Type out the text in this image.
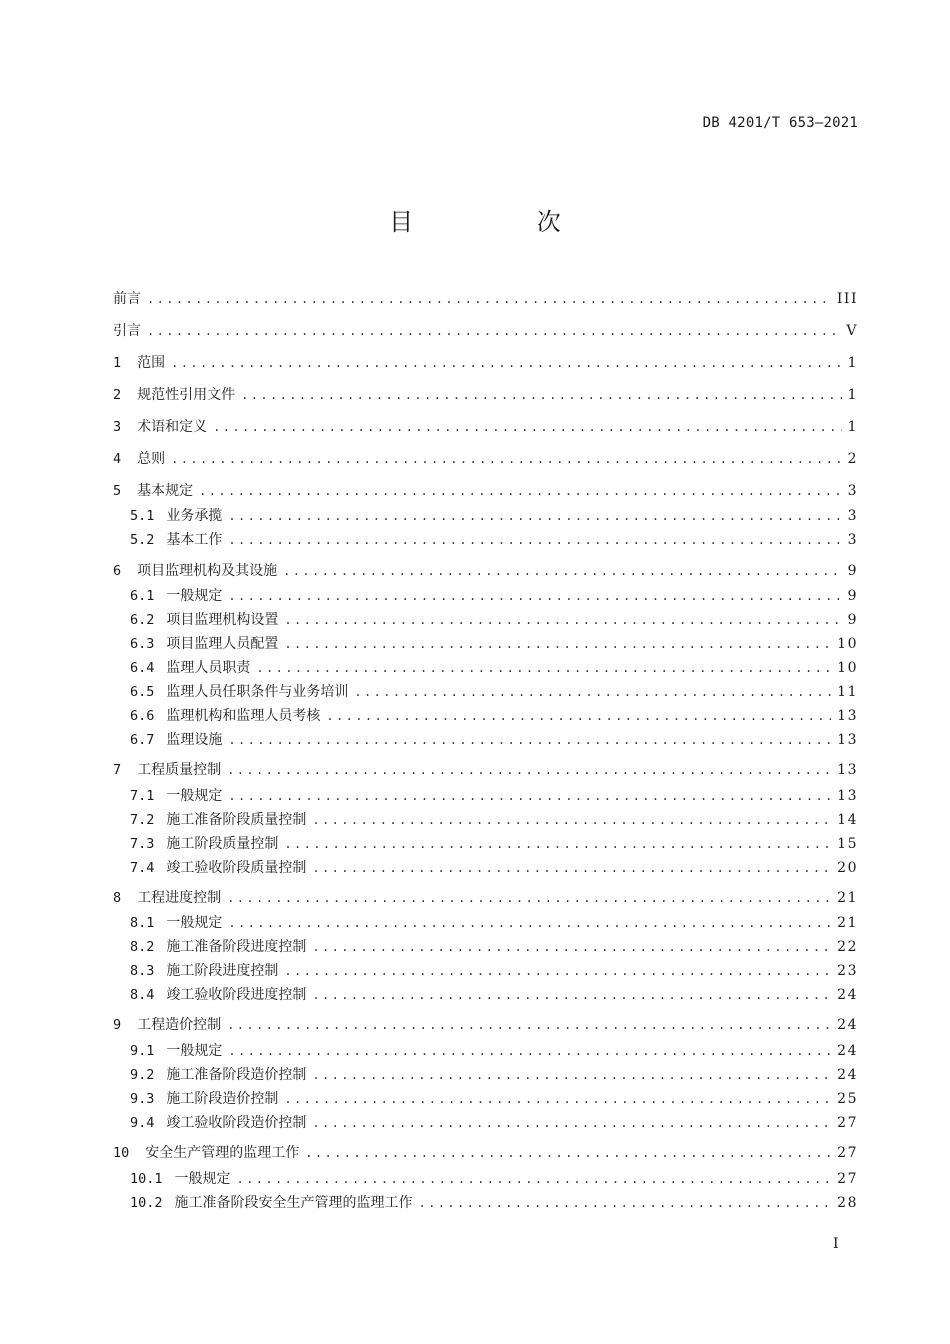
DB 4201/T 653—2021
目 次
前言 .....	III
引言 .....	V
1 范围 .....	1
2 规范性引用文件 .....	1
3 术语和定义 .....	1
4 总则 .....	2
5 基本规定 .....	3
5.1 业务承揽 .....	3
5.2 基本工作 .....	3
6 项目监理机构及其设施 .....	9
6.1 一般规定 .....	9
6.2 项目监理机构设置 .....	9
6.3 项目监理人员配置 .....	10
6.4 监理人员职责 .....	10
6.5 监理人员任职条件与业务培训 .....	11
6.6 监理机构和监理人员考核 .....	13
6.7 监理设施 .....	13
7 工程质量控制 .....	13
7.1 一般规定 .....	13
7.2 施工准备阶段质量控制 .....	14
7.3 施工阶段质量控制 .....	15
7.4 竣工验收阶段质量控制 .....	20
8 工程进度控制 .....	21
8.1 一般规定 .....	21
8.2 施工准备阶段进度控制 .....	22
8.3 施工阶段进度控制 .....	23
8.4 竣工验收阶段进度控制 .....	24
9 工程造价控制 .....	24
9.1 一般规定 .....	24
9.2 施工准备阶段造价控制 .....	24
9.3 施工阶段造价控制 .....	25
9.4 竣工验收阶段造价控制 .....	27
10 安全生产管理的监理工作 .....	27
10.1 一般规定 .....	27
10.2 施工准备阶段安全生产管理的监理工作 .....	28
I
